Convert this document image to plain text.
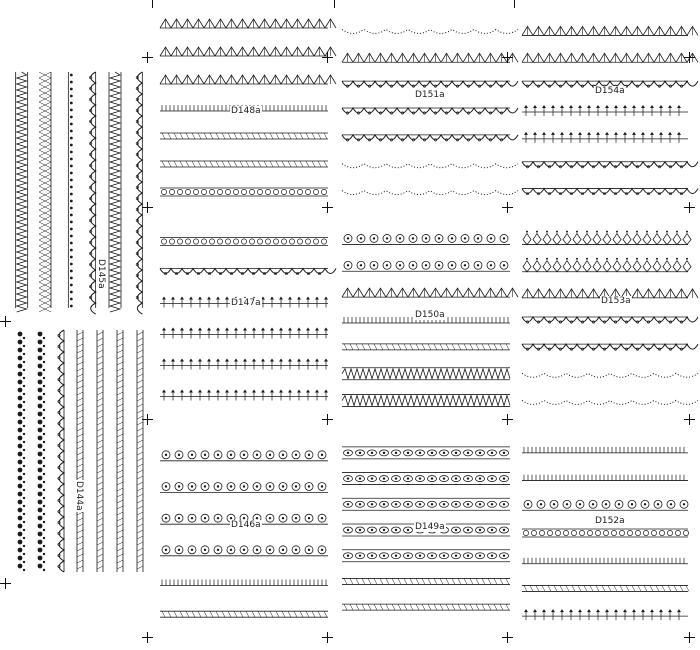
D145a
D144a
D148a
D147a
D146a
D151a
D150a
D149a
D154a
D153a
D152a
